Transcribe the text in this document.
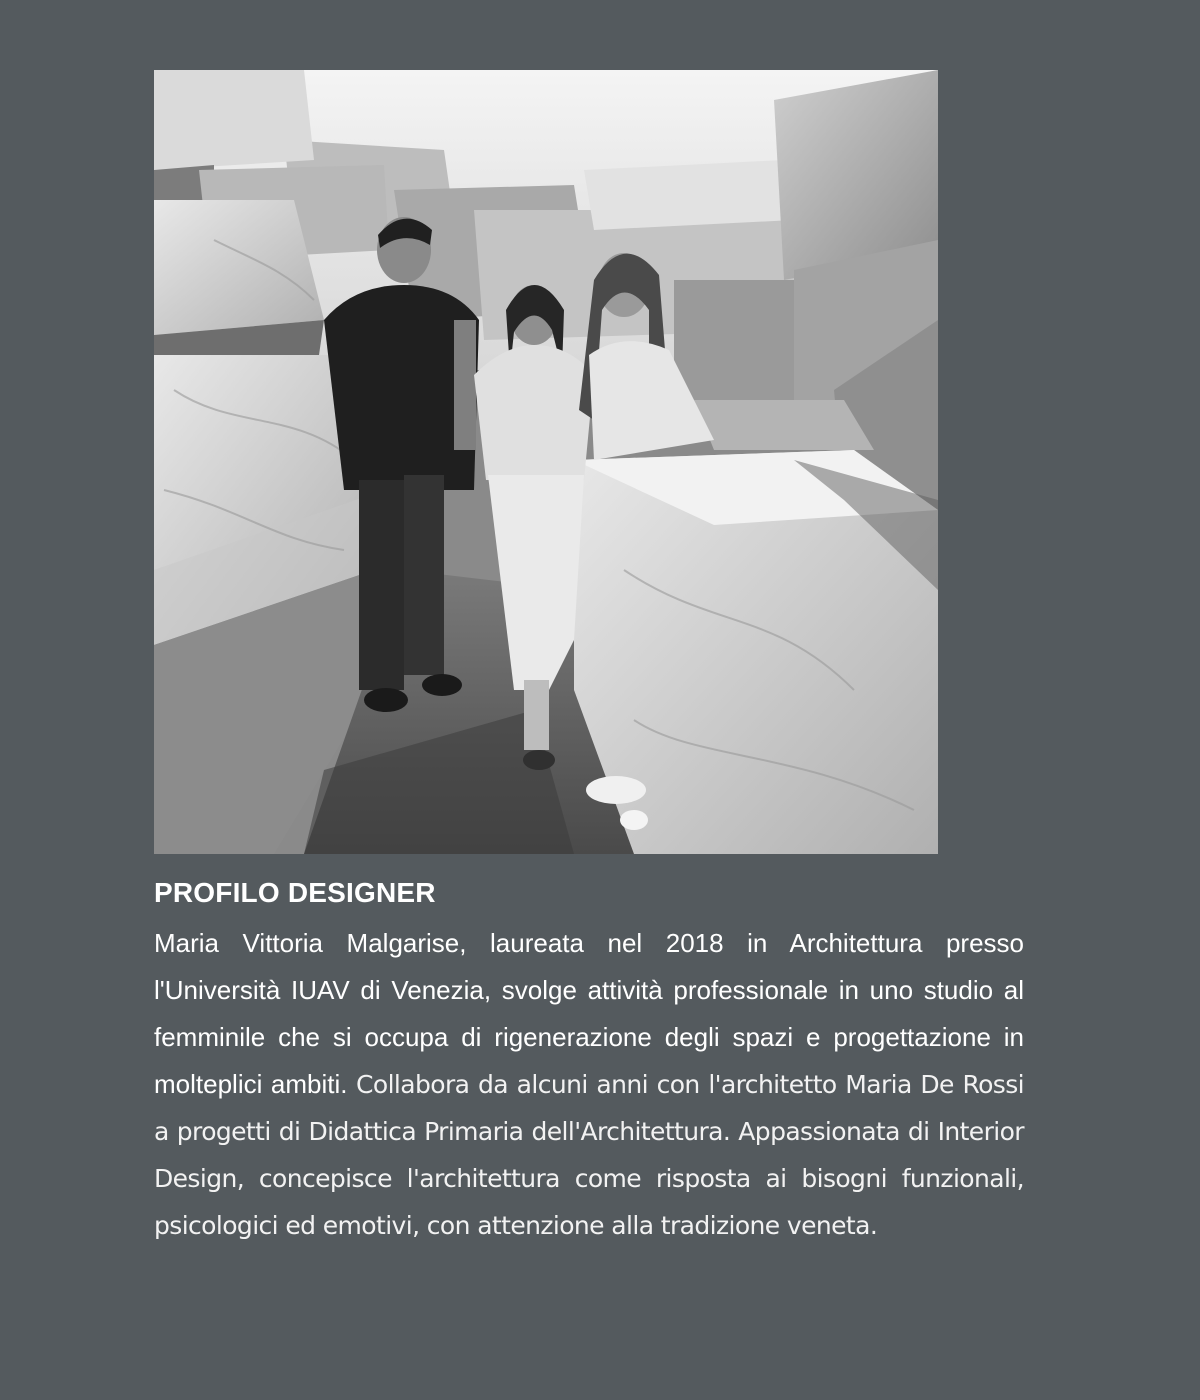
PROFILO DESIGNER

Maria Vittoria Malgarise, laureata nel 2018 in Architettura presso l'Università IUAV di Venezia, svolge attività professionale in uno studio al femminile che si occupa di rigenerazione degli spazi e progettazione in molteplici ambiti. Collabora da alcuni anni con l'architetto Maria De Rossi a progetti di Didattica Primaria dell'Architettura. Appassionata di Interior Design, concepisce l'architettura come risposta ai bisogni funzionali, psicologici ed emotivi, con attenzione alla tradizione veneta.
